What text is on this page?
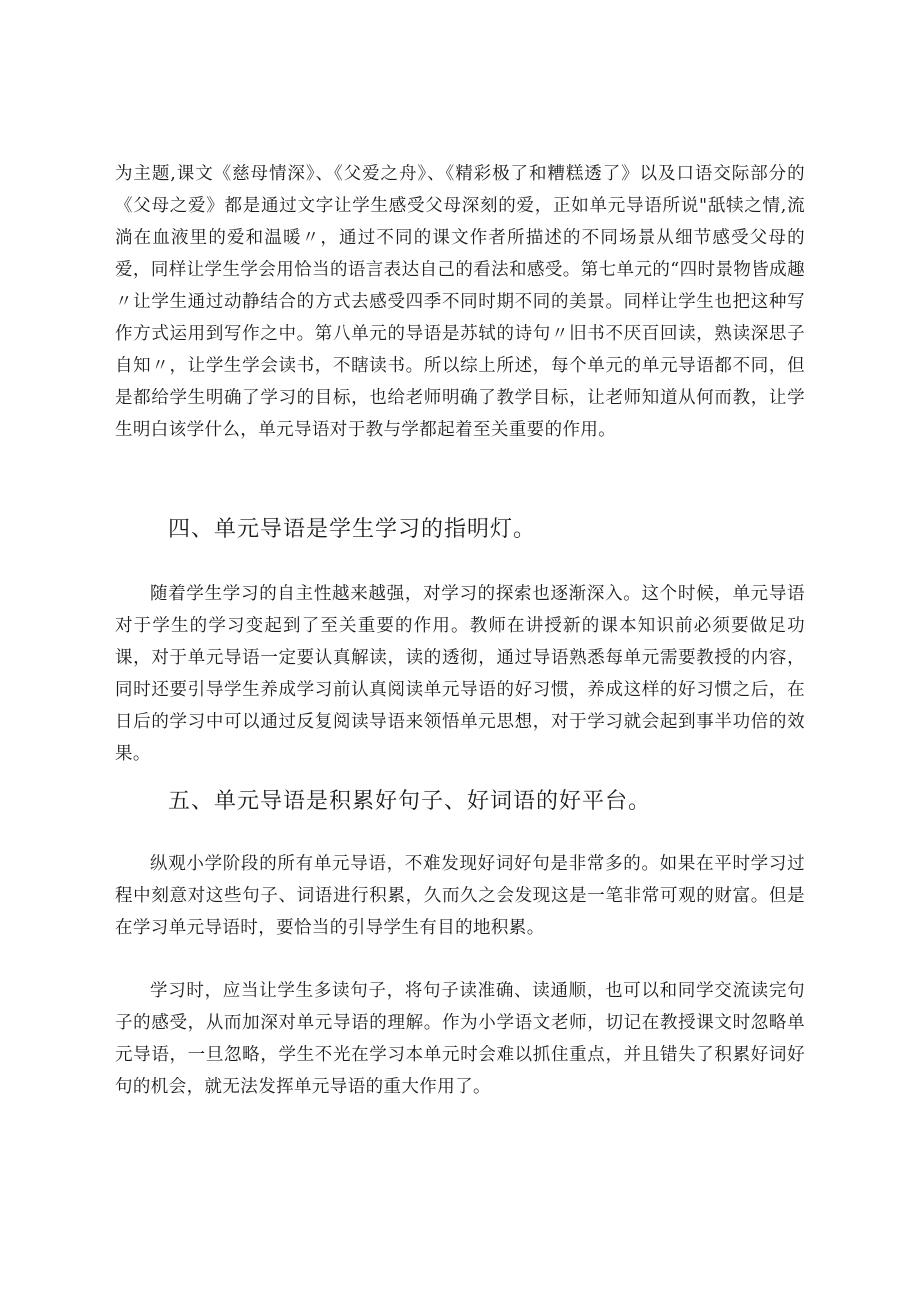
为主题,课文《慈母情深》、《父爱之舟》、《精彩极了和糟糕透了》以及口语交际部分的《父母之爱》都是通过文字让学生感受父母深刻的爱，正如单元导语所说"舐犊之情,流淌在血液里的爱和温暖〃，通过不同的课文作者所描述的不同场景从细节感受父母的爱，同样让学生学会用恰当的语言表达自己的看法和感受。第七单元的“四时景物皆成趣〃让学生通过动静结合的方式去感受四季不同时期不同的美景。同样让学生也把这种写作方式运用到写作之中。第八单元的导语是苏轼的诗句〃旧书不厌百回读，熟读深思子自知〃，让学生学会读书，不瞎读书。所以综上所述，每个单元的单元导语都不同，但是都给学生明确了学习的目标，也给老师明确了教学目标，让老师知道从何而教，让学生明白该学什么，单元导语对于教与学都起着至关重要的作用。

四、单元导语是学生学习的指明灯。

随着学生学习的自主性越来越强，对学习的探索也逐渐深入。这个时候，单元导语对于学生的学习变起到了至关重要的作用。教师在讲授新的课本知识前必须要做足功课，对于单元导语一定要认真解读，读的透彻，通过导语熟悉每单元需要教授的内容，同时还要引导学生养成学习前认真阅读单元导语的好习惯，养成这样的好习惯之后，在日后的学习中可以通过反复阅读导语来领悟单元思想，对于学习就会起到事半功倍的效果。

五、单元导语是积累好句子、好词语的好平台。

纵观小学阶段的所有单元导语，不难发现好词好句是非常多的。如果在平时学习过程中刻意对这些句子、词语进行积累，久而久之会发现这是一笔非常可观的财富。但是在学习单元导语时，要恰当的引导学生有目的地积累。

学习时，应当让学生多读句子，将句子读准确、读通顺，也可以和同学交流读完句子的感受，从而加深对单元导语的理解。作为小学语文老师，切记在教授课文时忽略单元导语，一旦忽略，学生不光在学习本单元时会难以抓住重点，并且错失了积累好词好句的机会，就无法发挥单元导语的重大作用了。
